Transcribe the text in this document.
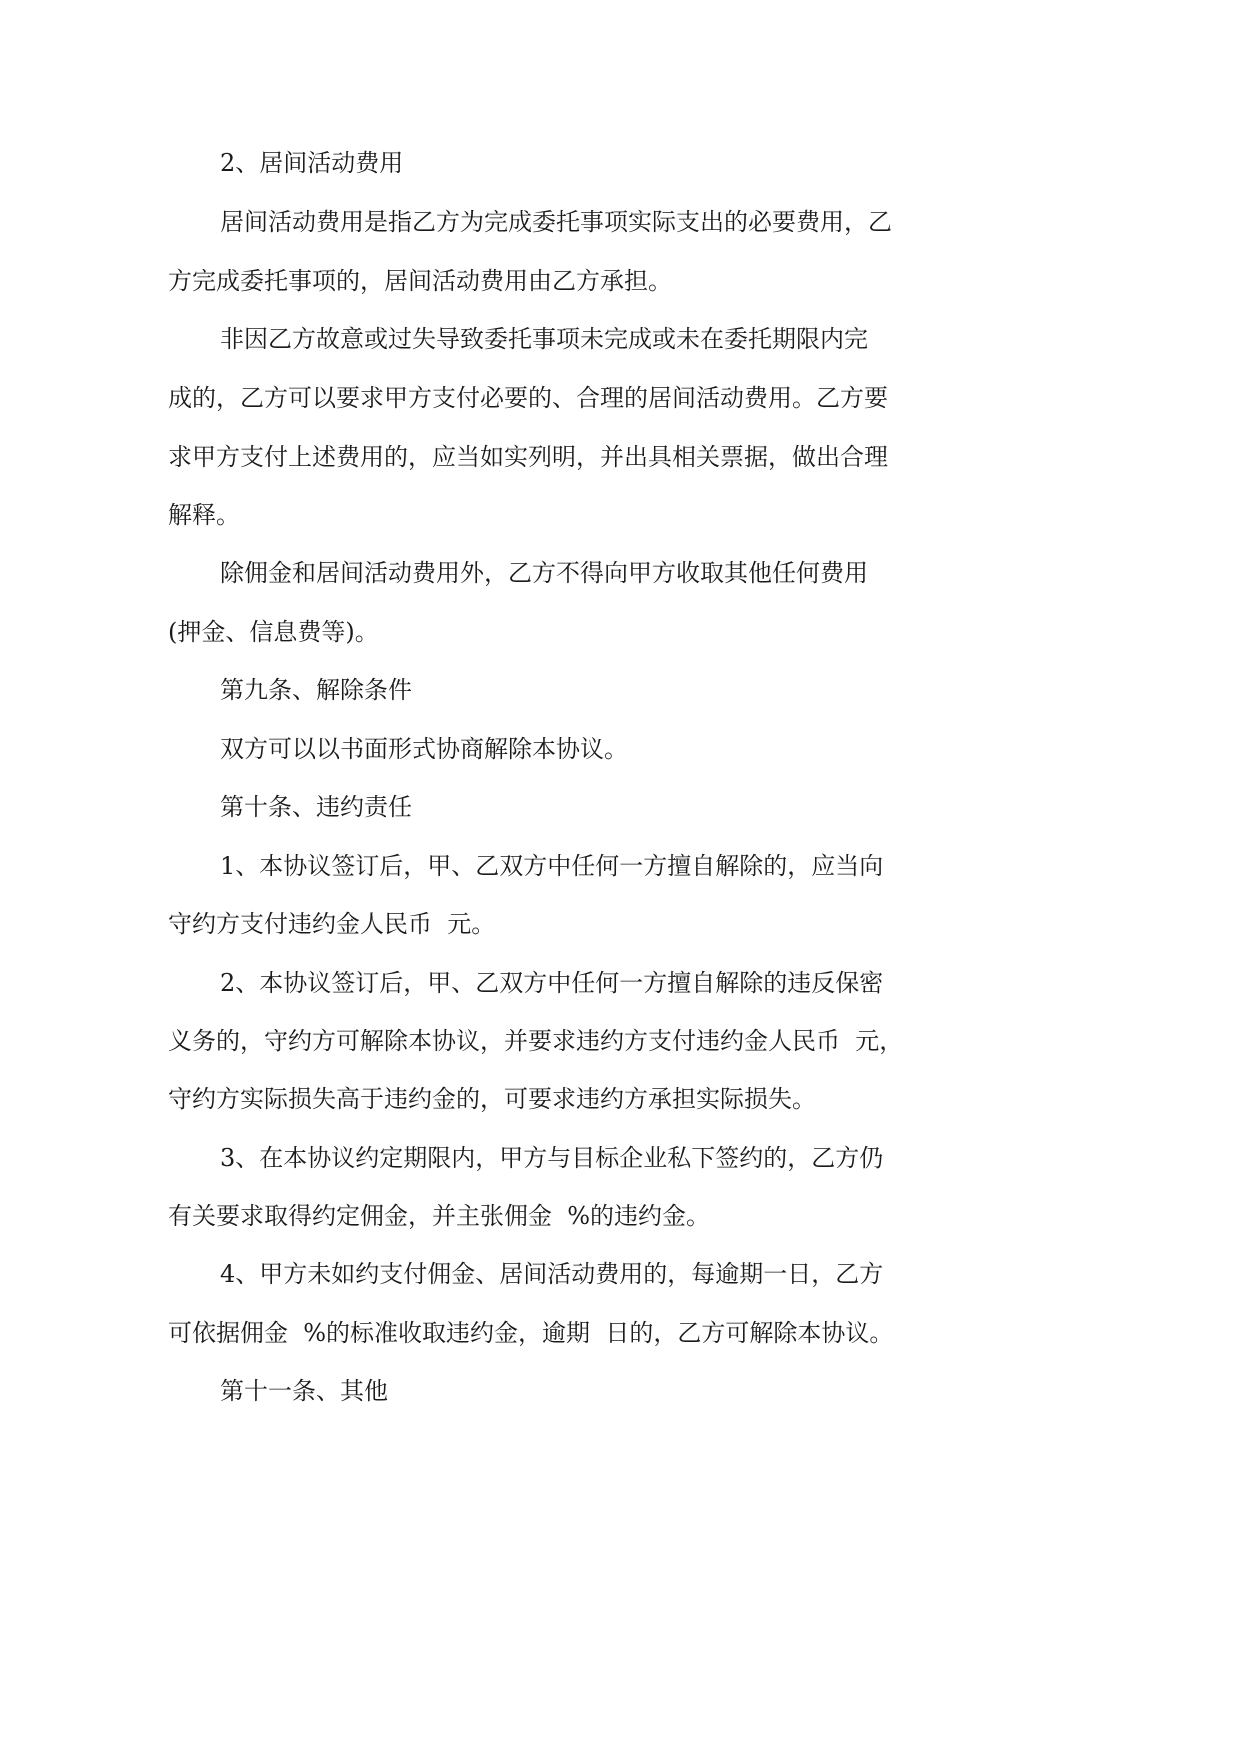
2、居间活动费用

居间活动费用是指乙方为完成委托事项实际支出的必要费用，乙

方完成委托事项的，居间活动费用由乙方承担。

非因乙方故意或过失导致委托事项未完成或未在委托期限内完

成的，乙方可以要求甲方支付必要的、合理的居间活动费用。乙方要

求甲方支付上述费用的，应当如实列明，并出具相关票据，做出合理

解释。

除佣金和居间活动费用外，乙方不得向甲方收取其他任何费用

(押金、信息费等)。

第九条、解除条件

双方可以以书面形式协商解除本协议。

第十条、违约责任

1、本协议签订后，甲、乙双方中任何一方擅自解除的，应当向

守约方支付违约金人民币  元。

2、本协议签订后，甲、乙双方中任何一方擅自解除的违反保密

义务的，守约方可解除本协议，并要求违约方支付违约金人民币  元，

守约方实际损失高于违约金的，可要求违约方承担实际损失。

3、在本协议约定期限内，甲方与目标企业私下签约的，乙方仍

有关要求取得约定佣金，并主张佣金  %的违约金。

4、甲方未如约支付佣金、居间活动费用的，每逾期一日，乙方

可依据佣金  %的标准收取违约金，逾期  日的，乙方可解除本协议。

第十一条、其他
